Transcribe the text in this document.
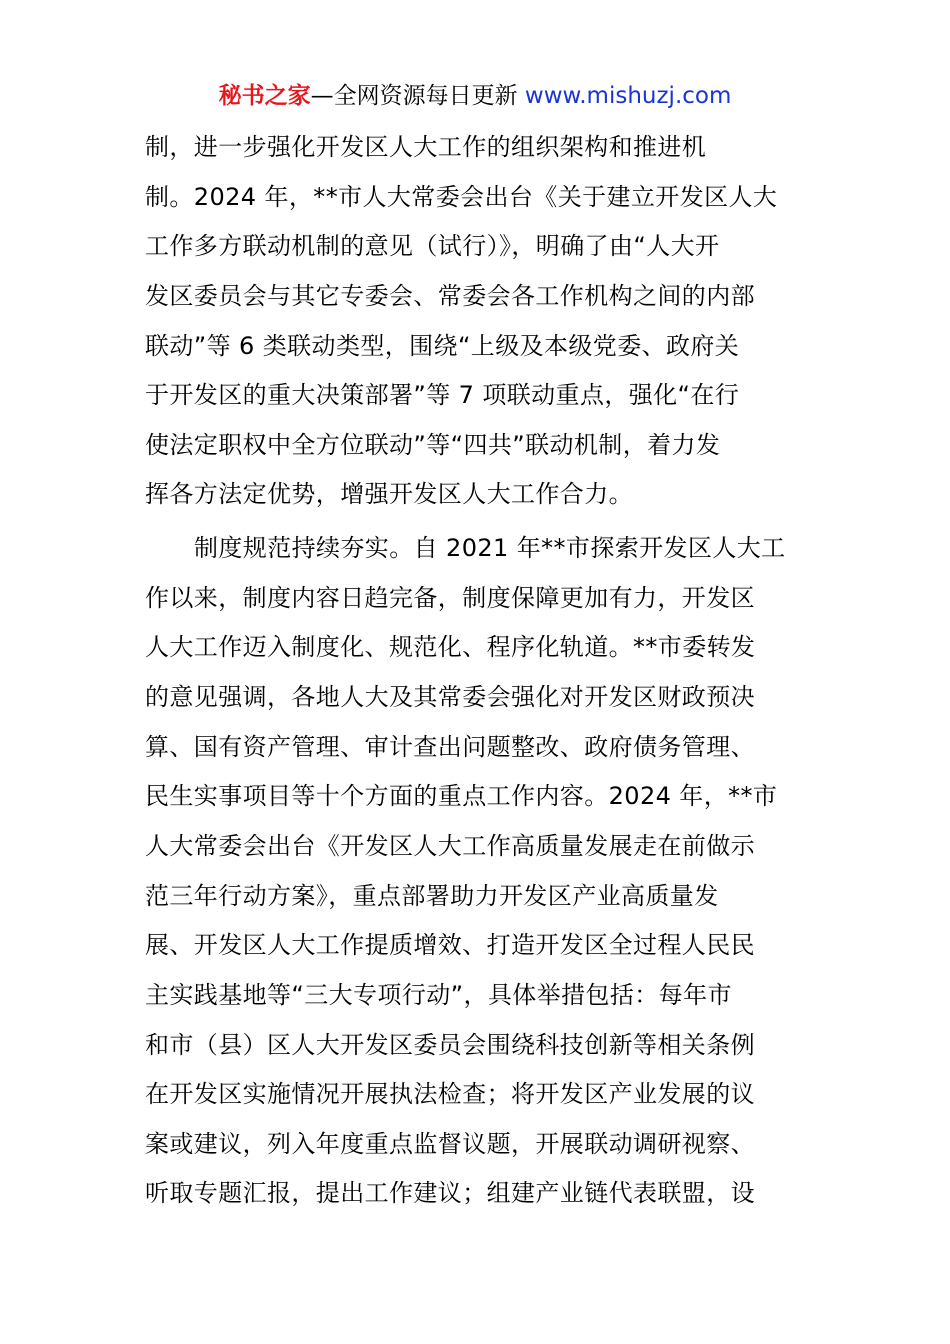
秘书之家—全网资源每日更新 www.mishuzj.com
制，进一步强化开发区人大工作的组织架构和推进机
制。2024 年，**市人大常委会出台《关于建立开发区人大
工作多方联动机制的意见（试行）》，明确了由“人大开
发区委员会与其它专委会、常委会各工作机构之间的内部
联动”等 6 类联动类型，围绕“上级及本级党委、政府关
于开发区的重大决策部署”等 7 项联动重点，强化“在行
使法定职权中全方位联动”等“四共”联动机制，着力发
挥各方法定优势，增强开发区人大工作合力。
制度规范持续夯实。自 2021 年**市探索开发区人大工
作以来，制度内容日趋完备，制度保障更加有力，开发区
人大工作迈入制度化、规范化、程序化轨道。**市委转发
的意见强调，各地人大及其常委会强化对开发区财政预决
算、国有资产管理、审计查出问题整改、政府债务管理、
民生实事项目等十个方面的重点工作内容。2024 年，**市
人大常委会出台《开发区人大工作高质量发展走在前做示
范三年行动方案》，重点部署助力开发区产业高质量发
展、开发区人大工作提质增效、打造开发区全过程人民民
主实践基地等“三大专项行动”，具体举措包括：每年市
和市（县）区人大开发区委员会围绕科技创新等相关条例
在开发区实施情况开展执法检查；将开发区产业发展的议
案或建议，列入年度重点监督议题，开展联动调研视察、
听取专题汇报，提出工作建议；组建产业链代表联盟，设
